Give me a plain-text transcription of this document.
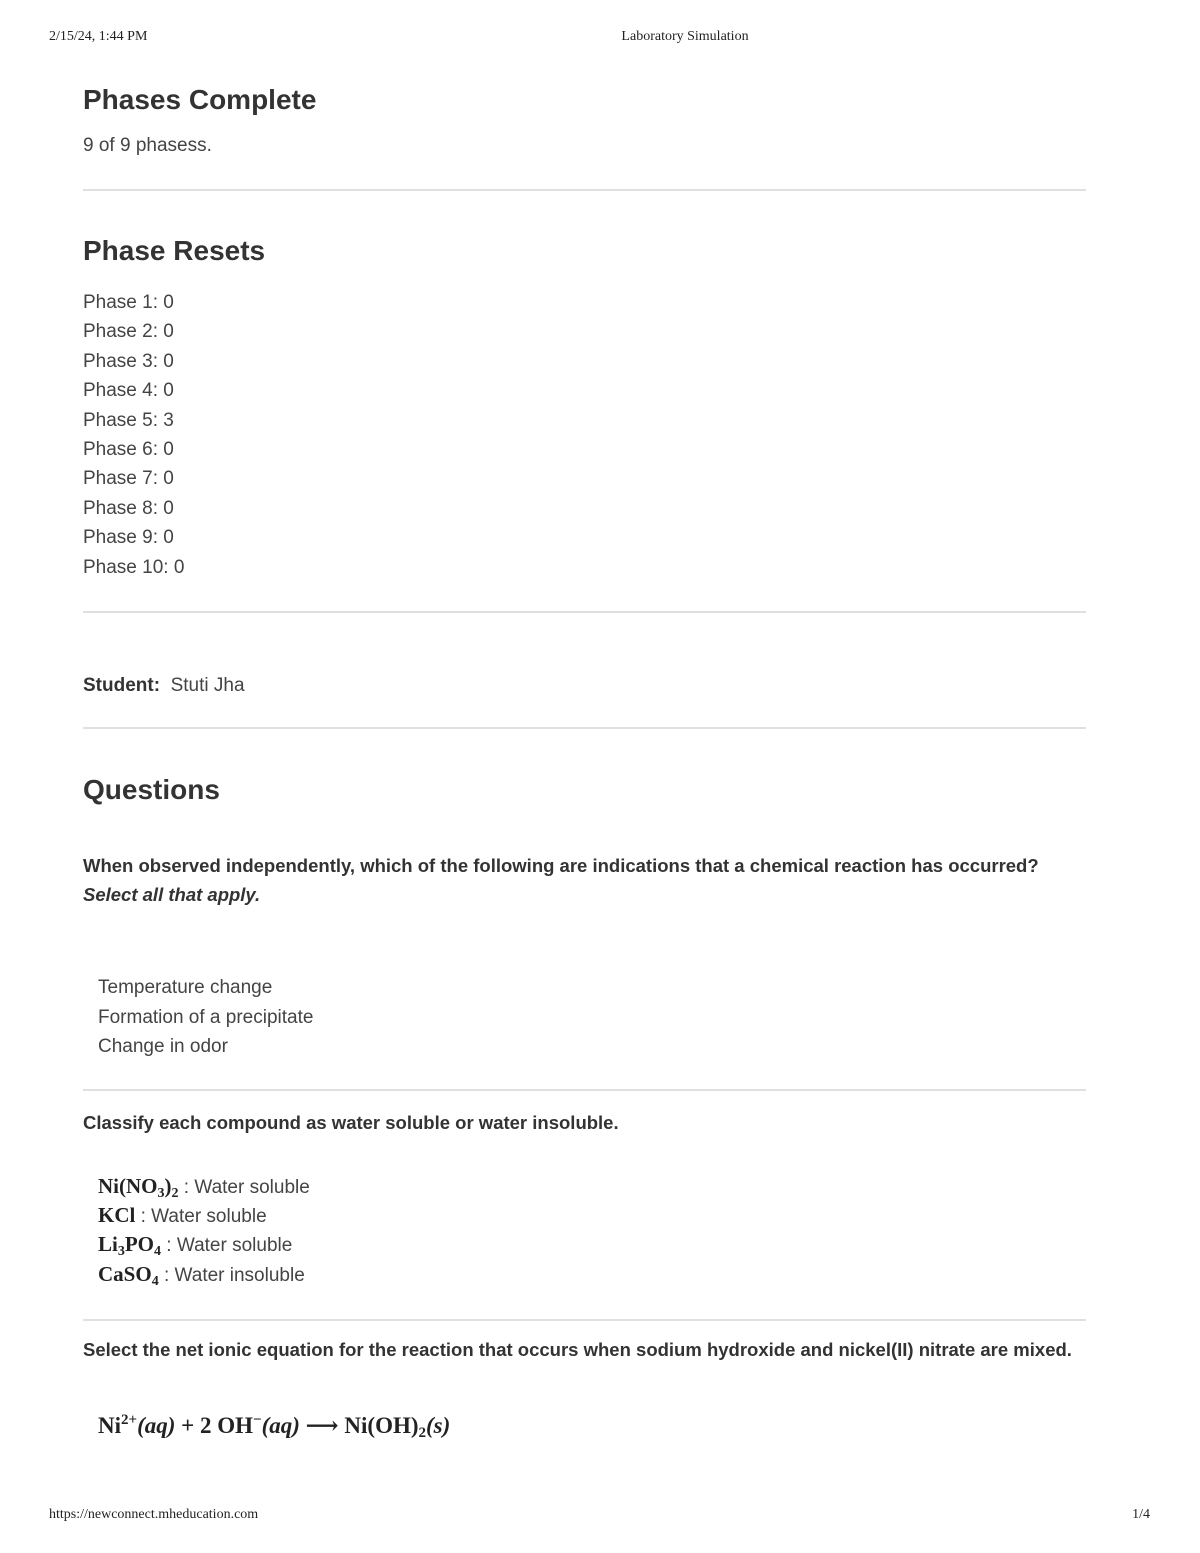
2/15/24, 1:44 PM	Laboratory Simulation
Phases Complete
9 of 9 phasess.
Phase Resets
Phase 1: 0
Phase 2: 0
Phase 3: 0
Phase 4: 0
Phase 5: 3
Phase 6: 0
Phase 7: 0
Phase 8: 0
Phase 9: 0
Phase 10: 0
Student: Stuti Jha
Questions
When observed independently, which of the following are indications that a chemical reaction has occurred?
Select all that apply.
Temperature change
Formation of a precipitate
Change in odor
Classify each compound as water soluble or water insoluble.
$Ni(NO_3)_2$ : Water soluble
KCl : Water soluble
$Li_3PO_4$ : Water soluble
CaSO$_4$ : Water insoluble
Select the net ionic equation for the reaction that occurs when sodium hydroxide and nickel(II) nitrate are mixed.
$Ni^{2+}(aq) + 2$ OH−(aq) ⟶ $Ni(OH)_2(s)$
https://newconnect.mheducation.com	1/4
